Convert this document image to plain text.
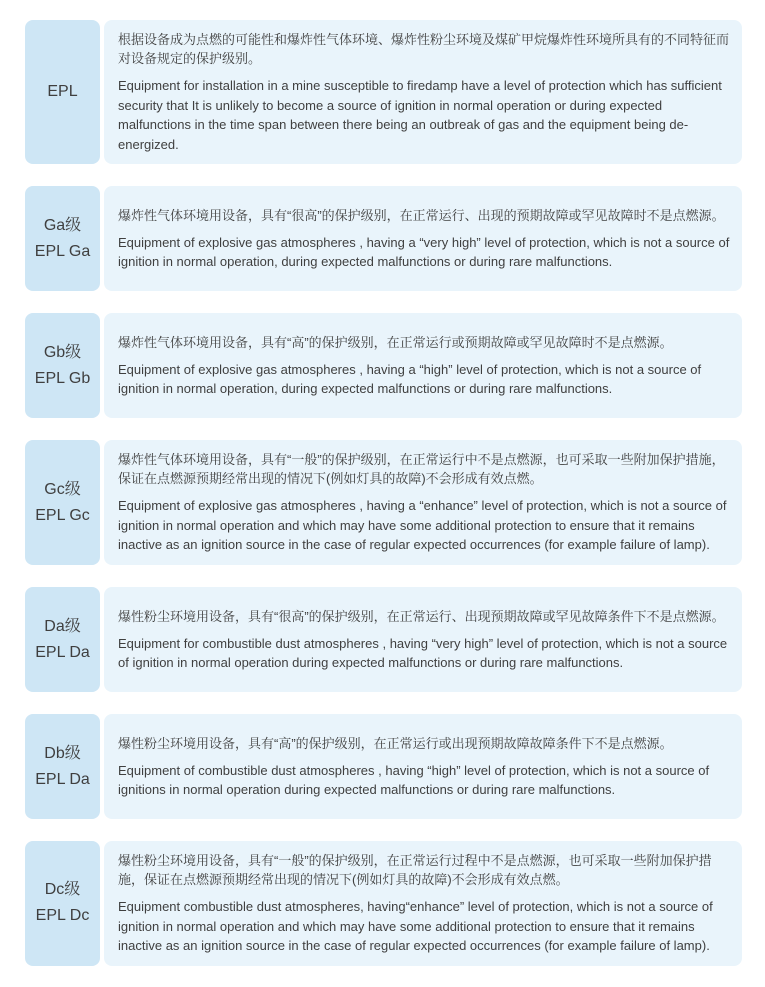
EPL

根据设备成为点燃的可能性和爆炸性气体环境、爆炸性粉尘环境及煤矿甲烷爆炸性环境所具有的不同特征而对设备规定的保护级别。

Equipment for installation in a mine susceptible to firedamp have a level of protection which has sufficient security that It is unlikely to become a source of ignition in normal operation or during expected malfunctions in the time span between there being an outbreak of gas and the equipment being de-energized.

Ga级
EPL Ga

爆炸性气体环境用设备，具有“很高”的保护级别，在正常运行、出现的预期故障或罕见故障时不是点燃源。

Equipment of explosive gas atmospheres , having a “very high” level of protection, which is not a source of ignition in normal operation, during expected malfunctions or during rare malfunctions.

Gb级
EPL Gb

爆炸性气体环境用设备，具有“高”的保护级别，在正常运行或预期故障或罕见故障时不是点燃源。

Equipment of explosive gas atmospheres , having a “high” level of protection, which is not a source of ignition in normal operation, during expected malfunctions or during rare malfunctions.

Gc级
EPL Gc

爆炸性气体环境用设备，具有“一般”的保护级别，在正常运行中不是点燃源，也可采取一些附加保护措施，保证在点燃源预期经常出现的情况下(例如灯具的故障)不会形成有效点燃。

Equipment of explosive gas atmospheres , having a “enhance” level of protection, which is not a source of ignition in normal operation and which may have some additional protection to ensure that it remains inactive as an ignition source in the case of regular expected occurrences (for example failure of lamp).

Da级
EPL Da

爆性粉尘环境用设备，具有“很高”的保护级别，在正常运行、出现预期故障或罕见故障条件下不是点燃源。

Equipment for combustible dust atmospheres , having “very high” level of protection, which is not a source of ignition in normal operation during expected malfunctions or during rare malfunctions.

Db级
EPL Da

爆性粉尘环境用设备，具有“高”的保护级别，在正常运行或出现预期故障故障条件下不是点燃源。

Equipment of combustible dust atmospheres , having “high” level of protection, which is not a source of ignitions in normal operation during expected malfunctions or during rare malfunctions.

Dc级
EPL Dc

爆性粉尘环境用设备，具有“一般”的保护级别，在正常运行过程中不是点燃源，也可采取一些附加保护措施，保证在点燃源预期经常出现的情况下(例如灯具的故障)不会形成有效点燃。

Equipment combustible dust atmospheres, having“enhance” level of protection, which is not a source of ignition in normal operation and which may have some additional protection to ensure that it remains inactive as an ignition source in the case of regular expected occurrences (for example failure of lamp).
